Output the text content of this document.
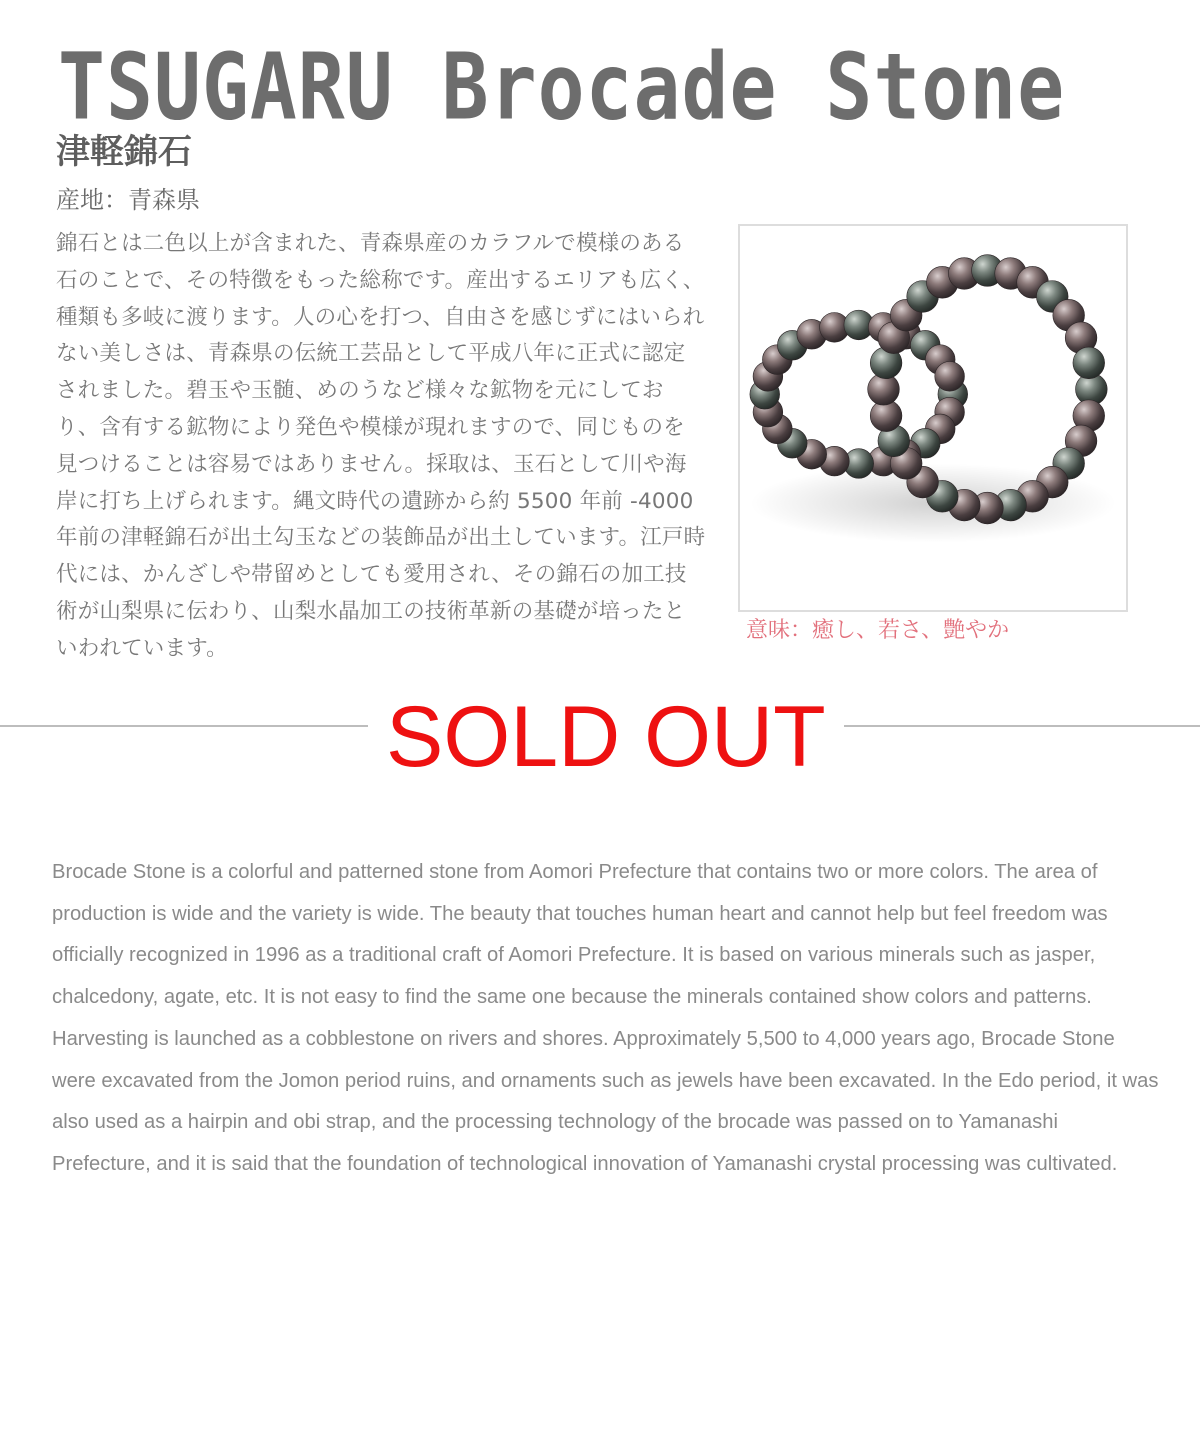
TSUGARU Brocade Stone
津軽錦石
産地：青森県

錦石とは二色以上が含まれた、青森県産のカラフルで模様のある石のことで、その特徴をもった総称です。産出するエリアも広く、種類も多岐に渡ります。人の心を打つ、自由さを感じずにはいられない美しさは、青森県の伝統工芸品として平成八年に正式に認定されました。碧玉や玉髄、めのうなど様々な鉱物を元にしており、含有する鉱物により発色や模様が現れますので、同じものを見つけることは容易ではありません。採取は、玉石として川や海岸に打ち上げられます。縄文時代の遺跡から約 5500 年前 -4000 年前の津軽錦石が出土勾玉などの装飾品が出土しています。江戸時代には、かんざしや帯留めとしても愛用され、その錦石の加工技術が山梨県に伝わり、山梨水晶加工の技術革新の基礎が培ったといわれています。

意味：癒し、若さ、艶やか
SOLD OUT

Brocade Stone is a colorful and patterned stone from Aomori Prefecture that contains two or more colors. The area of production is wide and the variety is wide. The beauty that touches human heart and cannot help but feel freedom was officially recognized in 1996 as a traditional craft of Aomori Prefecture. It is based on various minerals such as jasper, chalcedony, agate, etc. It is not easy to find the same one because the minerals contained show colors and patterns. Harvesting is launched as a cobblestone on rivers and shores. Approximately 5,500 to 4,000 years ago, Brocade Stone were excavated from the Jomon period ruins, and ornaments such as jewels have been excavated. In the Edo period, it was also used as a hairpin and obi strap, and the processing technology of the brocade was passed on to Yamanashi Prefecture, and it is said that the foundation of technological innovation of Yamanashi crystal processing was cultivated.
